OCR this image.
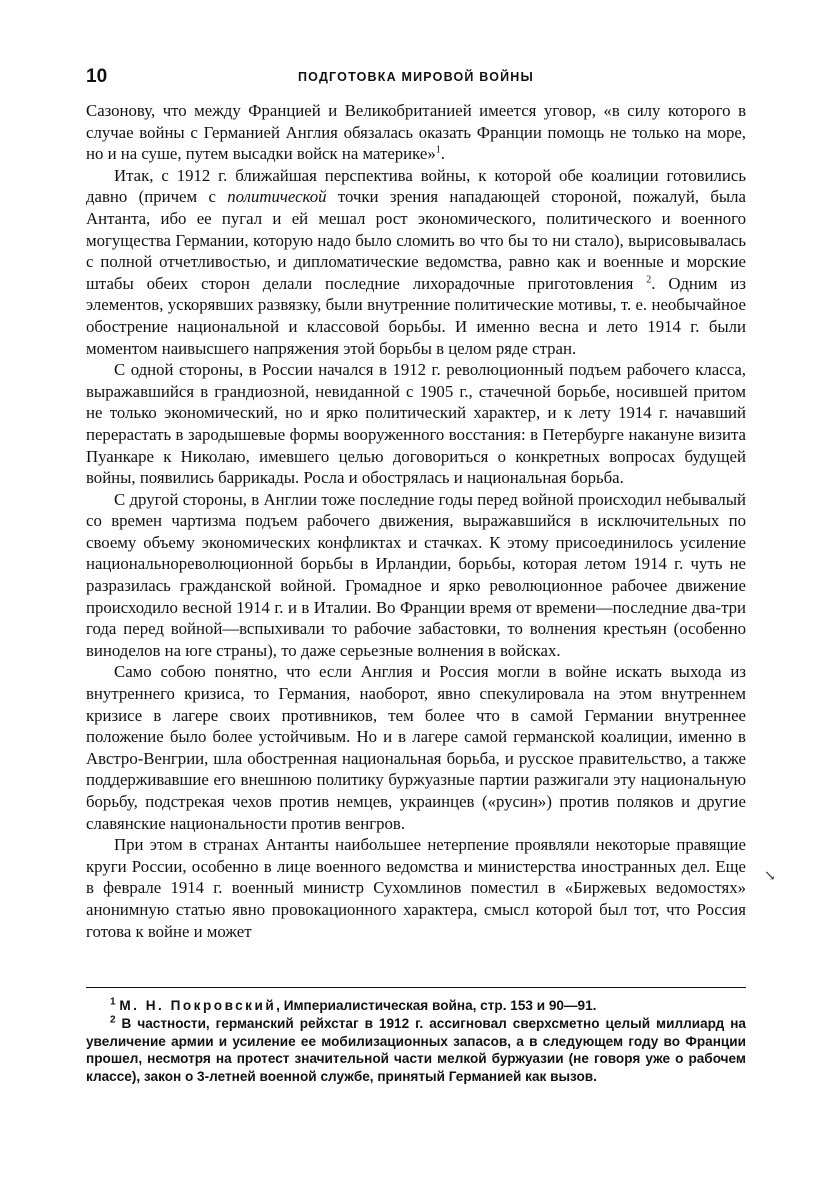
10	ПОДГОТОВКА МИРОВОЙ ВОЙНЫ

Сазонову, что между Францией и Великобританией имеется уговор, «в силу которого в случае войны с Германией Англия обязалась оказать Франции помощь не только на море, но и на суше, путем высадки войск на материке»$^1$.

Итак, с 1912 г. ближайшая перспектива войны, к которой обе коалиции готовились давно (причем с политической точки зрения нападающей стороной, пожалуй, была Антанта, ибо ее пугал и ей мешал рост экономического, политического и военного могущества Германии, которую надо было сломить во что бы то ни стало), вырисовывалась с полной отчетливостью, и дипломатические ведомства, равно как и военные и морские штабы обеих сторон делали последние лихорадочные приготовления $^2$. Одним из элементов, ускорявших развязку, были внутренние политические мотивы, т. е. необычайное обострение национальной и классовой борьбы. И именно весна и лето 1914 г. были моментом наивысшего напряжения этой борьбы в целом ряде стран.

С одной стороны, в России начался в 1912 г. революционный подъем рабочего класса, выражавшийся в грандиозной, невиданной с 1905 г., стачечной борьбе, носившей притом не только экономический, но и ярко политический характер, и к лету 1914 г. начавший перерастать в зародышевые формы вооруженного восстания: в Петербурге накануне визита Пуанкаре к Николаю, имевшего целью договориться о конкретных вопросах будущей войны, появились баррикады. Росла и обострялась и национальная борьба.

С другой стороны, в Англии тоже последние годы перед войной происходил небывалый со времен чартизма подъем рабочего движения, выражавшийся в исключительных по своему объему экономических конфликтах и стачках. К этому присоединилось усиление национальнореволюционной борьбы в Ирландии, борьбы, которая летом 1914 г. чуть не разразилась гражданской войной. Громадное и ярко революционное рабочее движение происходило весной 1914 г. и в Италии. Во Франции время от времени—последние два-три года перед войной—вспыхивали то рабочие забастовки, то волнения крестьян (особенно виноделов на юге страны), то даже серьезные волнения в войсках.

Само собою понятно, что если Англия и Россия могли в войне искать выхода из внутреннего кризиса, то Германия, наоборот, явно спекулировала на этом внутреннем кризисе в лагере своих противников, тем более что в самой Германии внутреннее положение было более устойчивым. Но и в лагере самой германской коалиции, именно в Австро-Венгрии, шла обостренная национальная борьба, и русское правительство, а также поддерживавшие его внешнюю политику буржуазные партии разжигали эту национальную борьбу, подстрекая чехов против немцев, украинцев («русин») против поляков и другие славянские национальности против венгров.

При этом в странах Антанты наибольшее нетерпение проявляли некоторые правящие круги России, особенно в лице военного ведомства и министерства иностранных дел. Еще в феврале 1914 г. военный министр Сухомлинов поместил в «Биржевых ведомостях» анонимную статью явно провокационного характера, смысл которой был тот, что Россия готова к войне и может

$^1$ М. Н. Покровский, Империалистическая война, стр. 153 и 90—91.

$^2$ В частности, германский рейхстаг в 1912 г. ассигновал сверхсметно целый миллиард на увеличение армии и усиление ее мобилизационных запасов, а в следующем году во Франции прошел, несмотря на протест значительной части мелкой буржуазии (не говоря уже о рабочем классе), закон о 3-летней военной службе, принятый Германией как вызов.

↘
